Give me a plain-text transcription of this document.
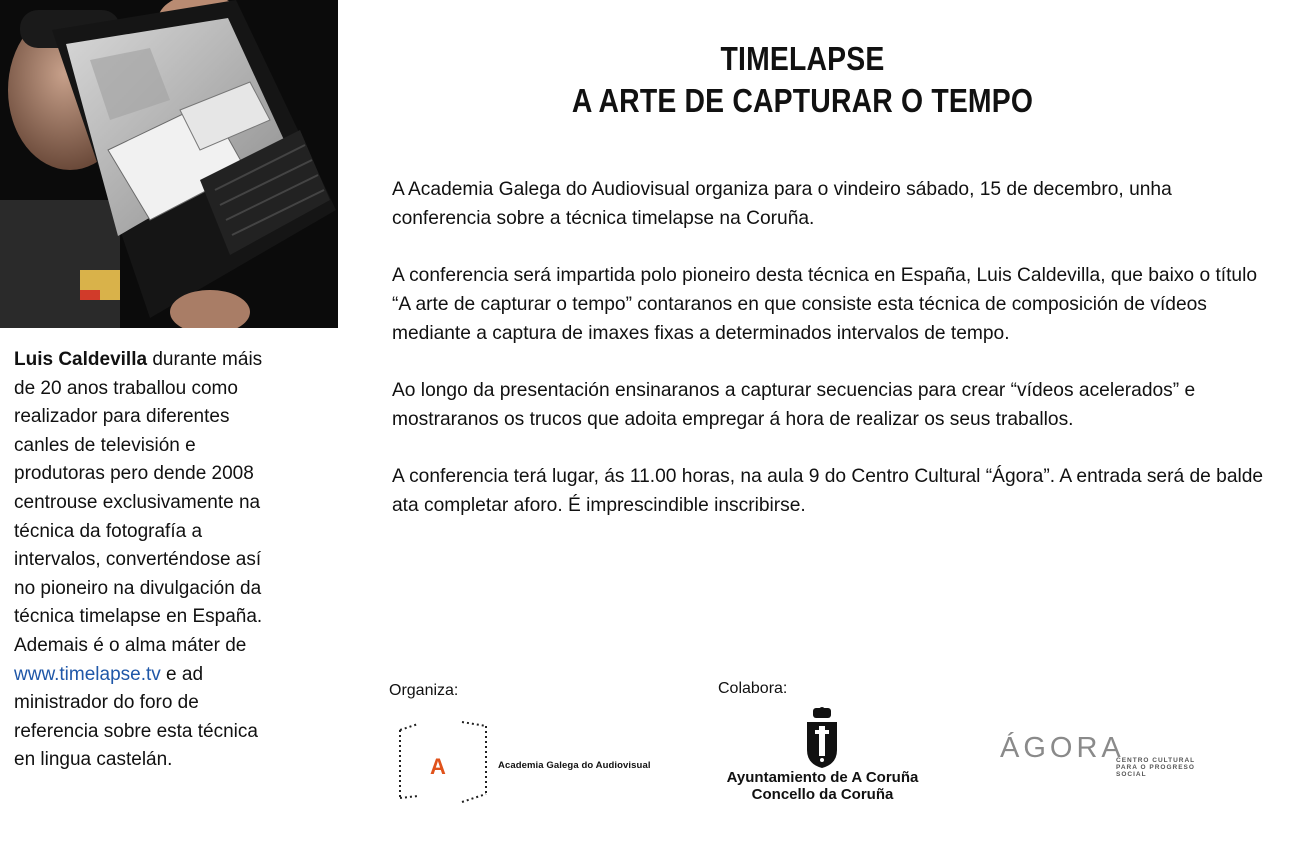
Luis Caldevilla durante máis de 20 anos traballou como realizador para diferentes canles de televisión e produtoras pero dende 2008 centrouse exclusivamente na técnica da fotografía a intervalos, converténdose así no pioneiro na divulgación da técnica timelapse en España. Ademais é o alma máter de www.timelapse.tv e ad ministrador do foro de referencia sobre esta técnica en lingua castelán.
TIMELAPSE
A ARTE DE CAPTURAR O TEMPO

A Academia Galega do Audiovisual organiza para o vindeiro sábado, 15 de decembro, unha conferencia sobre a técnica timelapse na Coruña.

A conferencia será impartida polo pioneiro desta técnica en España, Luis Caldevilla, que baixo o título “A arte de capturar o tempo” contaranos en que consiste esta técnica de composición de vídeos mediante a captura de imaxes fixas a determinados intervalos de tempo.

Ao longo da presentación ensinaranos a capturar secuencias para crear “vídeos acelerados” e mostraranos os trucos que adoita empregar á hora de realizar os seus traballos.

A conferencia terá lugar, ás 11.00 horas, na aula 9 do Centro Cultural “Ágora”. A entrada será de balde ata completar aforo. É imprescindible inscribirse.

Organiza:	Colabora:
A	Academia Galega do Audiovisual
Ayuntamiento de A Coruña
Concello da Coruña
ÁGORA
CENTRO CULTURAL
PARA O PROGRESO
SOCIAL
